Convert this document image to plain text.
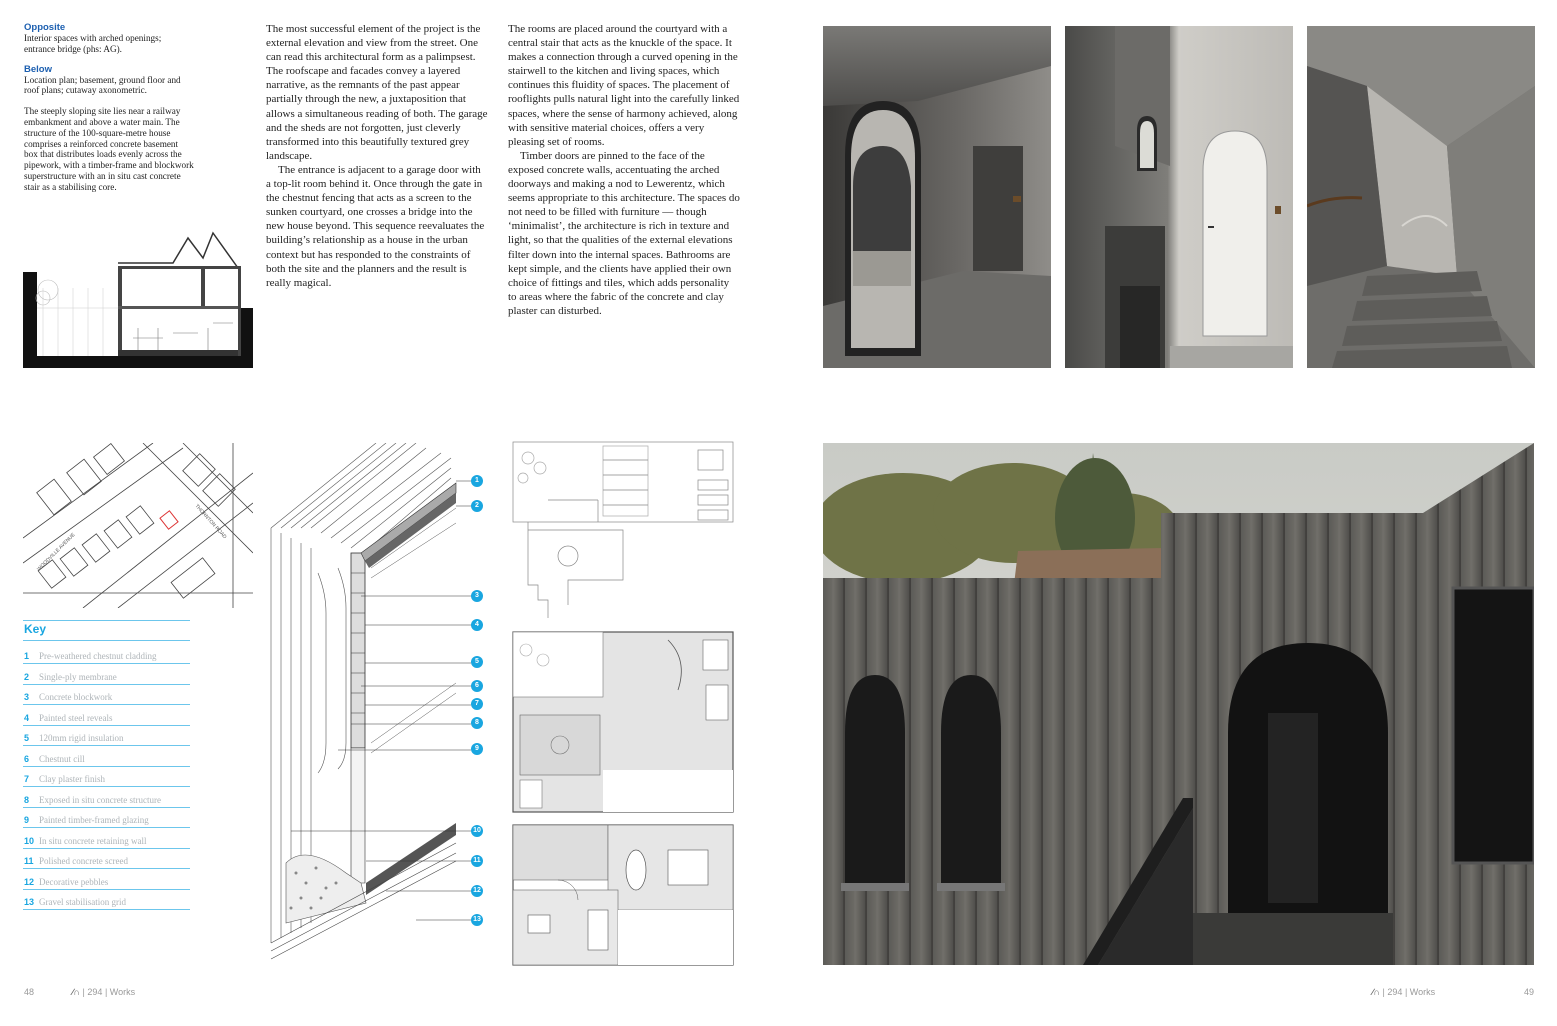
Opposite

Interior spaces with arched openings; entrance bridge (phs: AG).

Below

Location plan; basement, ground floor and roof plans; cutaway axonometric.

The steeply sloping site lies near a railway embankment and above a water main. The structure of the 100-square-metre house comprises a reinforced concrete basement box that distributes loads evenly across the pipework, with a timber-frame and blockwork superstructure with an in situ cast concrete stair as a stabilising core.

The most successful element of the project is the external elevation and view from the street. One can read this architectural form as a palimpsest. The roofscape and facades convey a layered narrative, as the remnants of the past appear partially through the new, a juxtaposition that allows a simultaneous reading of both. The garage and the sheds are not forgotten, just cleverly transformed into this beautifully textured grey landscape.

The entrance is adjacent to a garage door with a top-lit room behind it. Once through the gate in the chestnut fencing that acts as a screen to the sunken courtyard, one crosses a bridge into the new house beyond. This sequence reevaluates the building’s relationship as a house in the urban context but has responded to the constraints of both the site and the planners and the result is really magical.

The rooms are placed around the courtyard with a central stair that acts as the knuckle of the space. It makes a connection through a curved opening in the stairwell to the kitchen and living spaces, which continues this fluidity of spaces. The placement of rooflights pulls natural light into the carefully linked spaces, where the sense of harmony achieved, along with sensitive material choices, offers a very pleasing set of rooms.

Timber doors are pinned to the face of the exposed concrete walls, accentuating the arched doorways and making a nod to Lewerentz, which seems appropriate to this architecture. The spaces do not need to be filled with furniture — though ‘minimalist’, the architecture is rich in texture and light, so that the qualities of the external elevations filter down into the internal spaces. Bathrooms are kept simple, and the clients have applied their own choice of fittings and tiles, which adds personality to areas where the fabric of the concrete and clay plaster can disturbed.

WOODVILLE AVENUE
THORNTON ROAD
Key
1 Pre-weathered chestnut cladding
2 Single-ply membrane
3 Concrete blockwork
4 Painted steel reveals
5 120mm rigid insulation
6 Chestnut cill
7 Clay plaster finish
8 Exposed in situ concrete structure
9 Painted timber-framed glazing
10 In situ concrete retaining wall
11 Polished concrete screed
12 Decorative pebbles
13 Gravel stabilisation grid
1
2
3
4
5
6
7
8
9
10
11
12
13
48	∕∩ | 294 | Works	∕∩ | 294 | Works	49
